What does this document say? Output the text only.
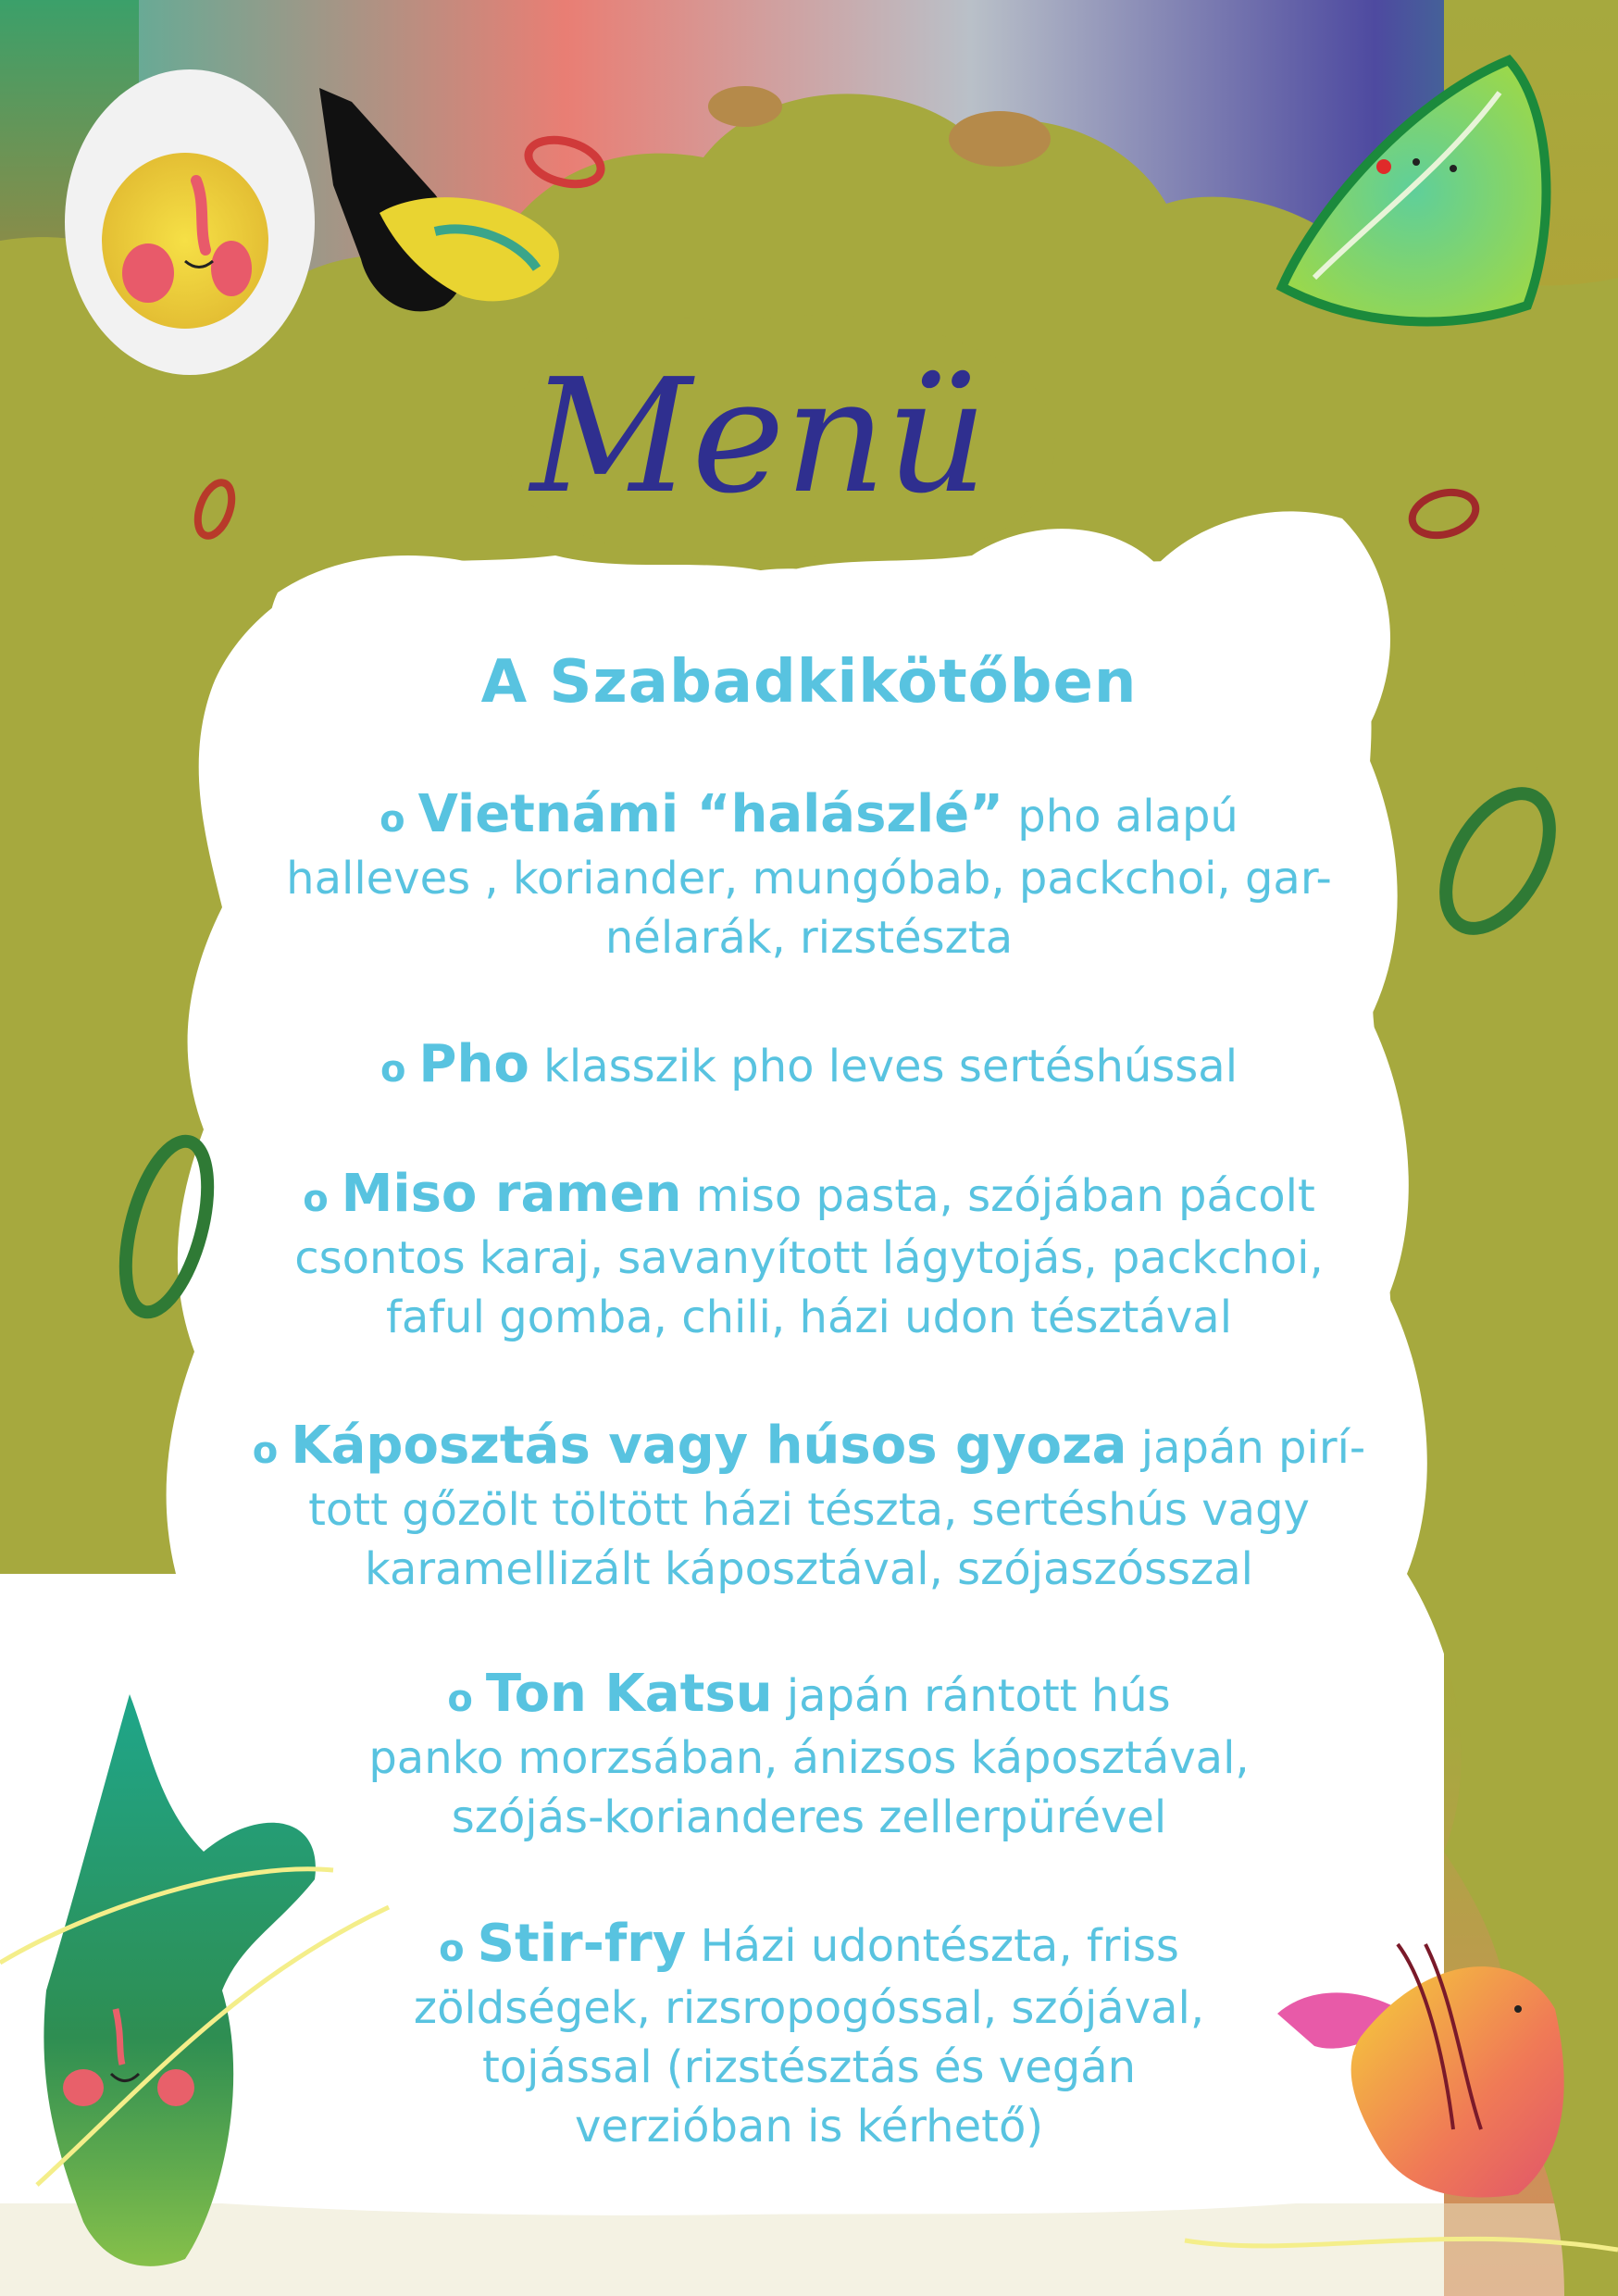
Menü
A Szabadkikötőben
o Vietnámi “halászlé” pho alapú
halleves , koriander, mungóbab, packchoi, gar-
nélarák, rizstészta
o Pho klasszik pho leves sertéshússal
o Miso ramen miso pasta, szójában pácolt
csontos karaj, savanyított lágytojás, packchoi,
faful gomba, chili, házi udon tésztával
o Káposztás vagy húsos gyoza japán pirí-
tott gőzölt töltött házi tészta, sertéshús vagy
karamellizált káposztával, szójaszósszal
o Ton Katsu japán rántott hús
panko morzsában, ánizsos káposztával,
szójás-korianderes zellerpürével
o Stir-fry Házi udontészta, friss
zöldségek, rizsropogóssal, szójával,
tojással (rizstésztás és vegán
verzióban is kérhető)
